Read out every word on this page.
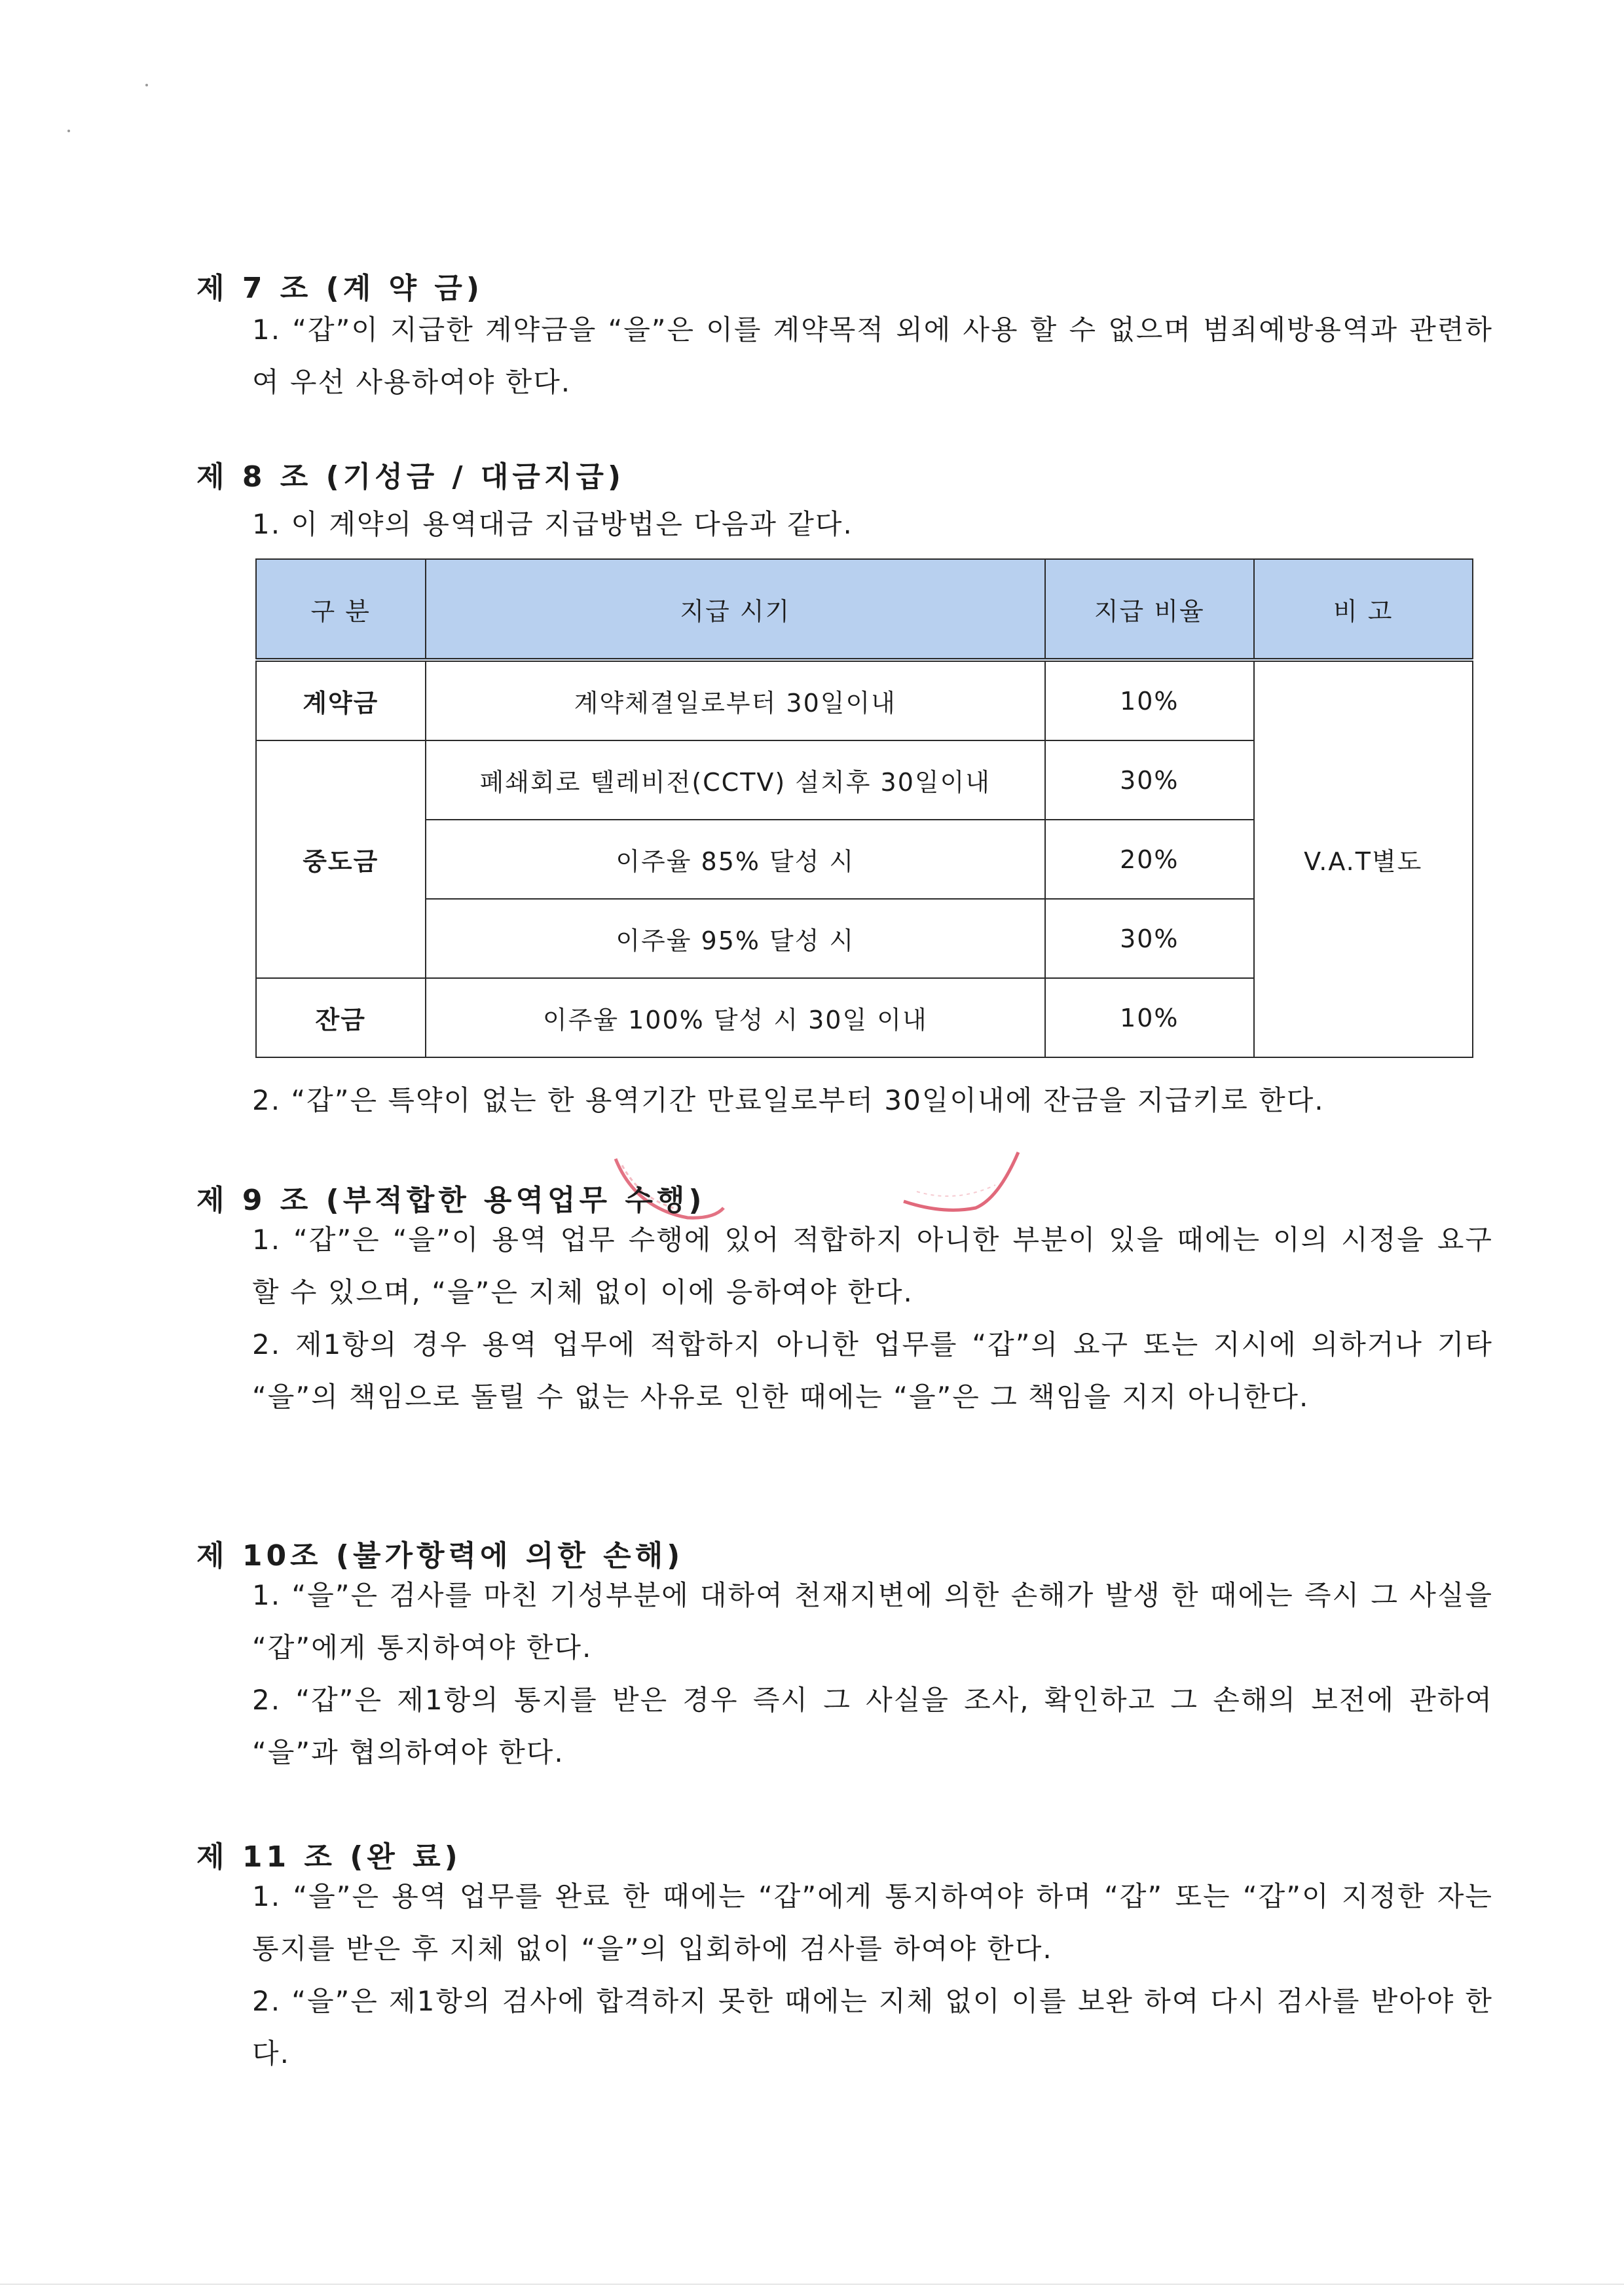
제 7 조 (계 약 금)
1. “갑”이 지급한 계약금을 “을”은 이를 계약목적 외에 사용 할 수 없으며 범죄예방용역과 관련하여 우선 사용하여야 한다.
제 8 조 (기성금 / 대금지급)
1. 이 계약의 용역대금 지급방법은 다음과 같다.
구 분	지급 시기	지급 비율	비 고
계약금	계약체결일로부터 30일이내	10%	V.A.T별도
중도금	폐쇄회로 텔레비전(CCTV) 설치후 30일이내	30%	
	이주율 85% 달성 시	20%	
	이주율 95% 달성 시	30%	
잔금	이주율 100% 달성 시 30일 이내	10%	
2. “갑”은 특약이 없는 한 용역기간 만료일로부터 30일이내에 잔금을 지급키로 한다.
제 9 조 (부적합한 용역업무 수행)
1. “갑”은 “을”이 용역 업무 수행에 있어 적합하지 아니한 부분이 있을 때에는 이의 시정을 요구 할 수 있으며, “을”은 지체 없이 이에 응하여야 한다.
2. 제1항의 경우 용역 업무에 적합하지 아니한 업무를 “갑”의 요구 또는 지시에 의하거나 기타 “을”의 책임으로 돌릴 수 없는 사유로 인한 때에는 “을”은 그 책임을 지지 아니한다.
제 10조 (불가항력에 의한 손해)
1. “을”은 검사를 마친 기성부분에 대하여 천재지변에 의한 손해가 발생 한 때에는 즉시 그 사실을 “갑”에게 통지하여야 한다.
2. “갑”은 제1항의 통지를 받은 경우 즉시 그 사실을 조사, 확인하고 그 손해의 보전에 관하여 “을”과 협의하여야 한다.
제 11 조 (완 료)
1. “을”은 용역 업무를 완료 한 때에는 “갑”에게 통지하여야 하며 “갑” 또는 “갑”이 지정한 자는 통지를 받은 후 지체 없이 “을”의 입회하에 검사를 하여야 한다.
2. “을”은 제1항의 검사에 합격하지 못한 때에는 지체 없이 이를 보완 하여 다시 검사를 받아야 한다.
